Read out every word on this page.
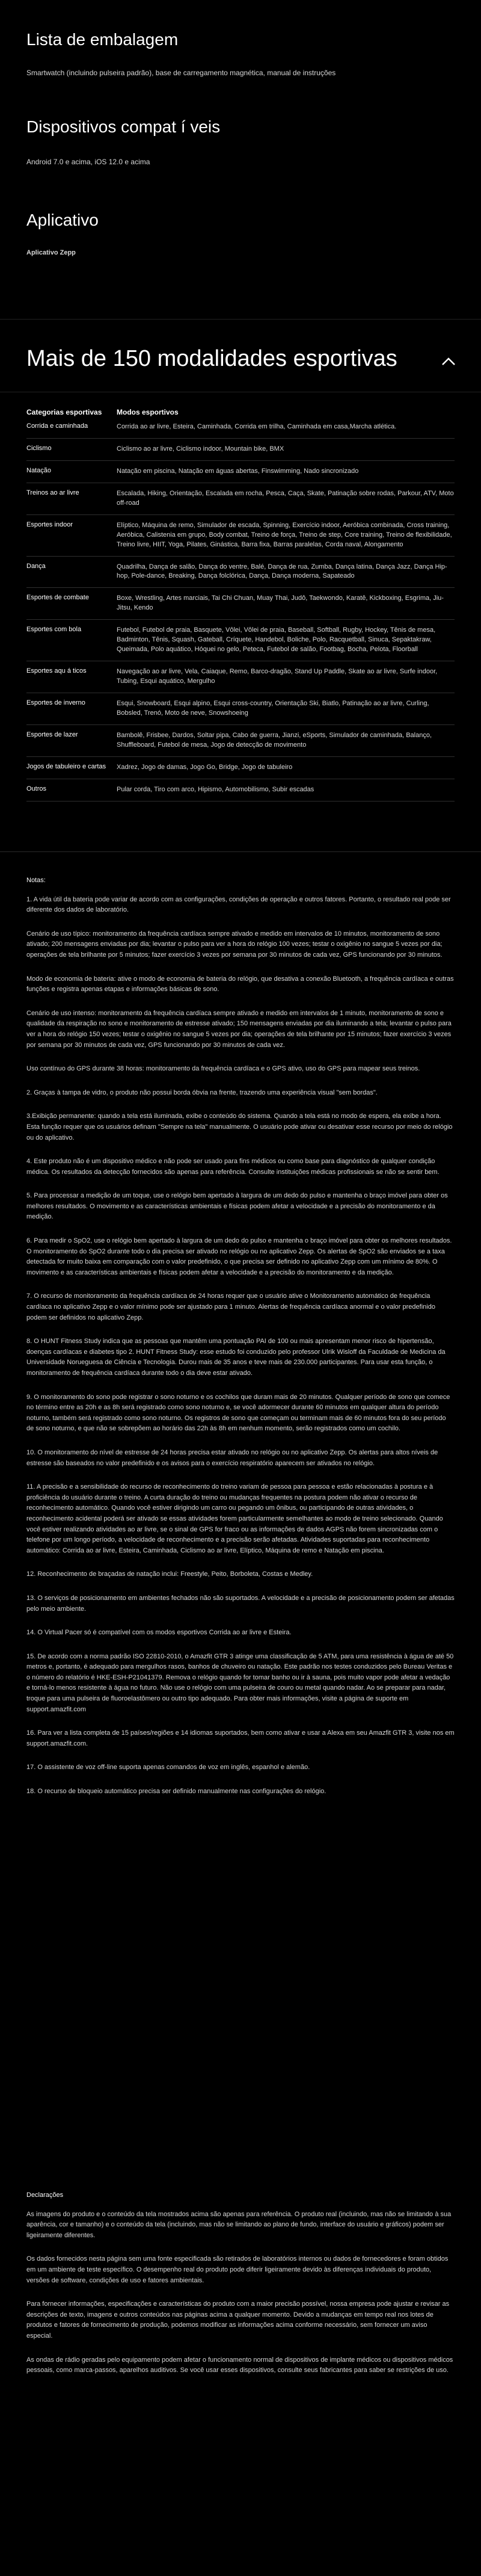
Lista de embalagem
Smartwatch (incluindo pulseira padrão), base de carregamento magnética, manual de instruções
Dispositivos compat í veis
Android 7.0 e acima, iOS 12.0 e acima
Aplicativo
Aplicativo Zepp
Mais de 150 modalidades esportivas
Categorias esportivas	Modos esportivos
Corrida e caminhada	Corrida ao ar livre, Esteira, Caminhada, Corrida em trilha, Caminhada em casa,Marcha atlética.
Ciclismo	Ciclismo ao ar livre, Ciclismo indoor, Mountain bike, BMX
Natação	Natação em piscina, Natação em águas abertas, Finswimming, Nado sincronizado
Treinos ao ar livre	Escalada, Hiking, Orientação, Escalada em rocha, Pesca, Caça, Skate, Patinação sobre rodas, Parkour, ATV, Moto off-road
Esportes indoor	Elíptico, Máquina de remo, Simulador de escada, Spinning, Exercício indoor, Aeróbica combinada, Cross training, Aeróbica, Calistenia em grupo, Body combat, Treino de força, Treino de step, Core training, Treino de flexibilidade, Treino livre, HIIT, Yoga, Pilates, Ginástica, Barra fixa, Barras paralelas, Corda naval, Alongamento
Dança	Quadrilha, Dança de salão, Dança do ventre, Balé, Dança de rua, Zumba, Dança latina, Dança Jazz, Dança Hip-hop, Pole-dance, Breaking, Dança folclórica, Dança, Dança moderna, Sapateado
Esportes de combate	Boxe, Wrestling, Artes marciais, Tai Chi Chuan, Muay Thai, Judô, Taekwondo, Karatê, Kickboxing, Esgrima, Jiu-Jitsu, Kendo
Esportes com bola	Futebol, Futebol de praia, Basquete, Vôlei, Vôlei de praia, Baseball, Softball, Rugby, Hockey, Tênis de mesa, Badminton, Tênis, Squash, Gateball, Críquete, Handebol, Boliche, Polo, Racquetball, Sinuca, Sepaktakraw, Queimada, Polo aquático, Hóquei no gelo, Peteca, Futebol de salão, Footbag, Bocha, Pelota, Floorball
Esportes aqu á ticos	Navegação ao ar livre, Vela, Caiaque, Remo, Barco-dragão, Stand Up Paddle, Skate ao ar livre, Surfe indoor, Tubing, Esqui aquático, Mergulho
Esportes de inverno	Esqui, Snowboard, Esqui alpino, Esqui cross-country, Orientação Ski, Biatlo, Patinação ao ar livre, Curling, Bobsled, Trenó, Moto de neve, Snowshoeing
Esportes de lazer	Bambolê, Frisbee, Dardos, Soltar pipa, Cabo de guerra, Jianzi, eSports, Simulador de caminhada, Balanço, Shuffleboard, Futebol de mesa, Jogo de detecção de movimento
Jogos de tabuleiro e cartas	Xadrez, Jogo de damas, Jogo Go, Bridge, Jogo de tabuleiro
Outros	Pular corda, Tiro com arco, Hipismo, Automobilismo, Subir escadas

Notas:

1. A vida útil da bateria pode variar de acordo com as configurações, condições de operação e outros fatores. Portanto, o resultado real pode ser diferente dos dados de laboratório.

Cenário de uso típico: monitoramento da frequência cardíaca sempre ativado e medido em intervalos de 10 minutos, monitoramento de sono ativado; 200 mensagens enviadas por dia; levantar o pulso para ver a hora do relógio 100 vezes; testar o oxigênio no sangue 5 vezes por dia; operações de tela brilhante por 5 minutos; fazer exercício 3 vezes por semana por 30 minutos de cada vez, GPS funcionando por 30 minutos.

Modo de economia de bateria: ative o modo de economia de bateria do relógio, que desativa a conexão Bluetooth, a frequência cardíaca e outras funções e registra apenas etapas e informações básicas de sono.

Cenário de uso intenso: monitoramento da frequência cardíaca sempre ativado e medido em intervalos de 1 minuto, monitoramento de sono e qualidade da respiração no sono e monitoramento de estresse ativado; 150 mensagens enviadas por dia iluminando a tela; levantar o pulso para ver a hora do relógio 150 vezes; testar o oxigênio no sangue 5 vezes por dia; operações de tela brilhante por 15 minutos; fazer exercício 3 vezes por semana por 30 minutos de cada vez, GPS funcionando por 30 minutos de cada vez.

Uso contínuo do GPS durante 38 horas: monitoramento da frequência cardíaca e o GPS ativo, uso do GPS para mapear seus treinos.

2. Graças à tampa de vidro, o produto não possui borda óbvia na frente, trazendo uma experiência visual "sem bordas".

3.Exibição permanente: quando a tela está iluminada, exibe o conteúdo do sistema. Quando a tela está no modo de espera, ela exibe a hora. Esta função requer que os usuários definam "Sempre na tela" manualmente. O usuário pode ativar ou desativar esse recurso por meio do relógio ou do aplicativo.

4. Este produto não é um dispositivo médico e não pode ser usado para fins médicos ou como base para diagnóstico de qualquer condição médica. Os resultados da detecção fornecidos são apenas para referência. Consulte instituições médicas profissionais se não se sentir bem.

5. Para processar a medição de um toque, use o relógio bem apertado à largura de um dedo do pulso e mantenha o braço imóvel para obter os melhores resultados. O movimento e as características ambientais e físicas podem afetar a velocidade e a precisão do monitoramento e da medição.

6. Para medir o SpO2, use o relógio bem apertado à largura de um dedo do pulso e mantenha o braço imóvel para obter os melhores resultados. O monitoramento do SpO2 durante todo o dia precisa ser ativado no relógio ou no aplicativo Zepp. Os alertas de SpO2 são enviados se a taxa detectada for muito baixa em comparação com o valor predefinido, o que precisa ser definido no aplicativo Zepp com um mínimo de 80%. O movimento e as características ambientais e físicas podem afetar a velocidade e a precisão do monitoramento e da medição.

7. O recurso de monitoramento da frequência cardíaca de 24 horas requer que o usuário ative o Monitoramento automático de frequência cardíaca no aplicativo Zepp e o valor mínimo pode ser ajustado para 1 minuto. Alertas de frequência cardíaca anormal e o valor predefinido podem ser definidos no aplicativo Zepp.

8. O HUNT Fitness Study indica que as pessoas que mantêm uma pontuação PAI de 100 ou mais apresentam menor risco de hipertensão, doenças cardíacas e diabetes tipo 2. HUNT Fitness Study: esse estudo foi conduzido pelo professor Ulrik Wisloff da Faculdade de Medicina da Universidade Norueguesa de Ciência e Tecnologia. Durou mais de 35 anos e teve mais de 230.000 participantes. Para usar esta função, o monitoramento de frequência cardíaca durante todo o dia deve estar ativado.

9. O monitoramento do sono pode registrar o sono noturno e os cochilos que duram mais de 20 minutos. Qualquer período de sono que comece no término entre as 20h e as 8h será registrado como sono noturno e, se você adormecer durante 60 minutos em qualquer altura do período noturno, também será registrado como sono noturno. Os registros de sono que começam ou terminam mais de 60 minutos fora do seu período de sono noturno, e que não se sobrepõem ao horário das 22h às 8h em nenhum momento, serão registrados como um cochilo.

10. O monitoramento do nível de estresse de 24 horas precisa estar ativado no relógio ou no aplicativo Zepp. Os alertas para altos níveis de estresse são baseados no valor predefinido e os avisos para o exercício respiratório aparecem ser ativados no relógio.

11. A precisão e a sensibilidade do recurso de reconhecimento do treino variam de pessoa para pessoa e estão relacionadas à postura e à proficiência do usuário durante o treino. A curta duração do treino ou mudanças frequentes na postura podem não ativar o recurso de reconhecimento automático. Quando você estiver dirigindo um carro ou pegando um ônibus, ou participando de outras atividades, o reconhecimento acidental poderá ser ativado se essas atividades forem particularmente semelhantes ao modo de treino selecionado. Quando você estiver realizando atividades ao ar livre, se o sinal de GPS for fraco ou as informações de dados AGPS não forem sincronizadas com o telefone por um longo período, a velocidade de reconhecimento e a precisão serão afetadas. Atividades suportadas para reconhecimento automático: Corrida ao ar livre, Esteira, Caminhada, Ciclismo ao ar livre, Elíptico, Máquina de remo e Natação em piscina.

12. Reconhecimento de braçadas de natação inclui: Freestyle, Peito, Borboleta, Costas e Medley.

13. O serviços de posicionamento em ambientes fechados não são suportados. A velocidade e a precisão de posicionamento podem ser afetadas pelo meio ambiente.

14. O Virtual Pacer só é compatível com os modos esportivos Corrida ao ar livre e Esteira.

15. De acordo com a norma padrão ISO 22810-2010, o Amazfit GTR 3 atinge uma classificação de 5 ATM, para uma resistência à água de até 50 metros e, portanto, é adequado para mergulhos rasos, banhos de chuveiro ou natação. Este padrão nos testes conduzidos pelo Bureau Veritas e o número do relatório é HKE-ESH-P21041379. Remova o relógio quando for tomar banho ou ir à sauna, pois muito vapor pode afetar a vedação e torná-lo menos resistente à água no futuro. Não use o relógio com uma pulseira de couro ou metal quando nadar. Ao se preparar para nadar, troque para uma pulseira de fluoroelastômero ou outro tipo adequado. Para obter mais informações, visite a página de suporte em support.amazfit.com

16. Para ver a lista completa de 15 países/regiões e 14 idiomas suportados, bem como ativar e usar a Alexa em seu Amazfit GTR 3, visite nos em support.amazfit.com.

17. O assistente de voz off-line suporta apenas comandos de voz em inglês, espanhol e alemão.

18. O recurso de bloqueio automático precisa ser definido manualmente nas configurações do relógio.

Declarações

As imagens do produto e o conteúdo da tela mostrados acima são apenas para referência. O produto real (incluindo, mas não se limitando à sua aparência, cor e tamanho) e o conteúdo da tela (incluindo, mas não se limitando ao plano de fundo, interface do usuário e gráficos) podem ser ligeiramente diferentes.

Os dados fornecidos nesta página sem uma fonte especificada são retirados de laboratórios internos ou dados de fornecedores e foram obtidos em um ambiente de teste específico. O desempenho real do produto pode diferir ligeiramente devido às diferenças individuais do produto, versões de software, condições de uso e fatores ambientais.

Para fornecer informações, especificações e características do produto com a maior precisão possível, nossa empresa pode ajustar e revisar as descrições de texto, imagens e outros conteúdos nas páginas acima a qualquer momento. Devido a mudanças em tempo real nos lotes de produtos e fatores de fornecimento de produção, podemos modificar as informações acima conforme necessário, sem fornecer um aviso especial.

As ondas de rádio geradas pelo equipamento podem afetar o funcionamento normal de dispositivos de implante médicos ou dispositivos médicos pessoais, como marca-passos, aparelhos auditivos. Se você usar esses dispositivos, consulte seus fabricantes para saber se restrições de uso.
